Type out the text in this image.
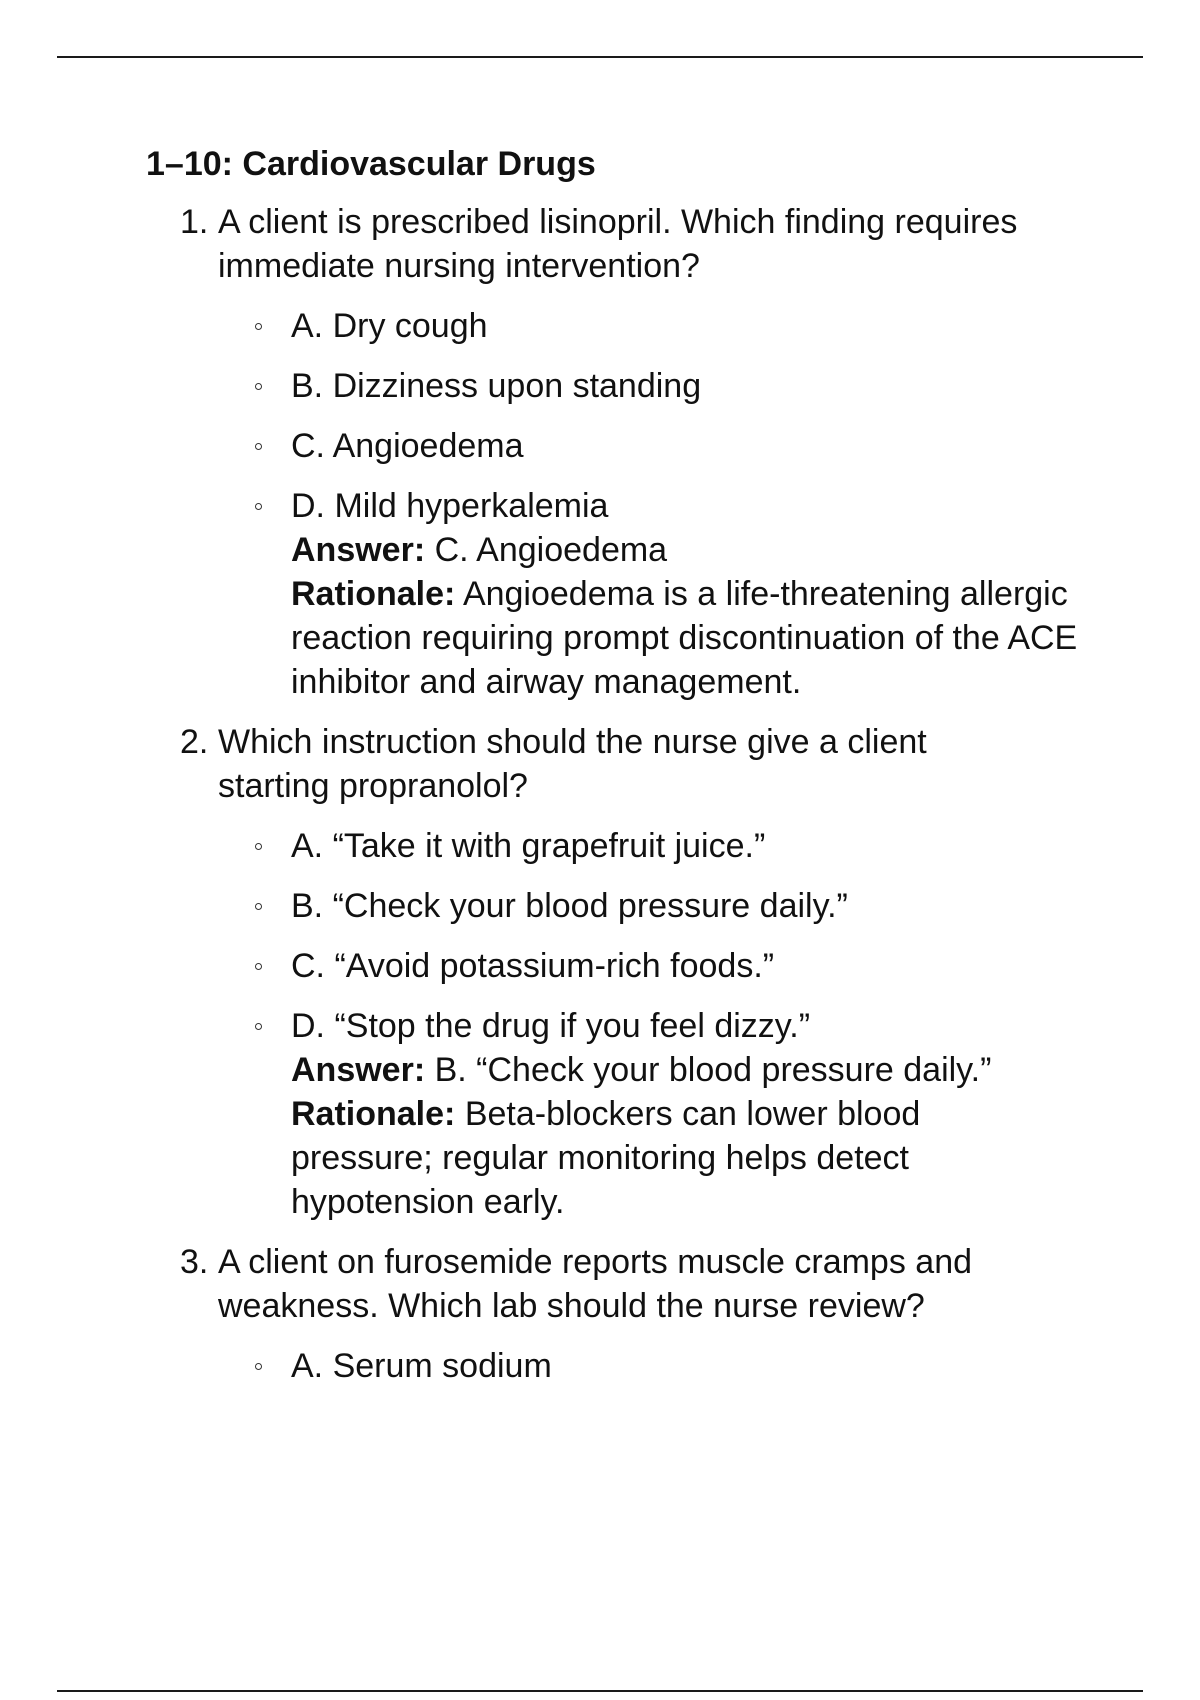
1–10: Cardiovascular Drugs
1. A client is prescribed lisinopril. Which finding requires immediate nursing intervention?
A. Dry cough
B. Dizziness upon standing
C. Angioedema
D. Mild hyperkalemia
Answer: C. Angioedema
Rationale: Angioedema is a life-threatening allergic reaction requiring prompt discontinuation of the ACE inhibitor and airway management.
2. Which instruction should the nurse give a client starting propranolol?
A. “Take it with grapefruit juice.”
B. “Check your blood pressure daily.”
C. “Avoid potassium-rich foods.”
D. “Stop the drug if you feel dizzy.”
Answer: B. “Check your blood pressure daily.”
Rationale: Beta-blockers can lower blood pressure; regular monitoring helps detect hypotension early.
3. A client on furosemide reports muscle cramps and weakness. Which lab should the nurse review?
A. Serum sodium
